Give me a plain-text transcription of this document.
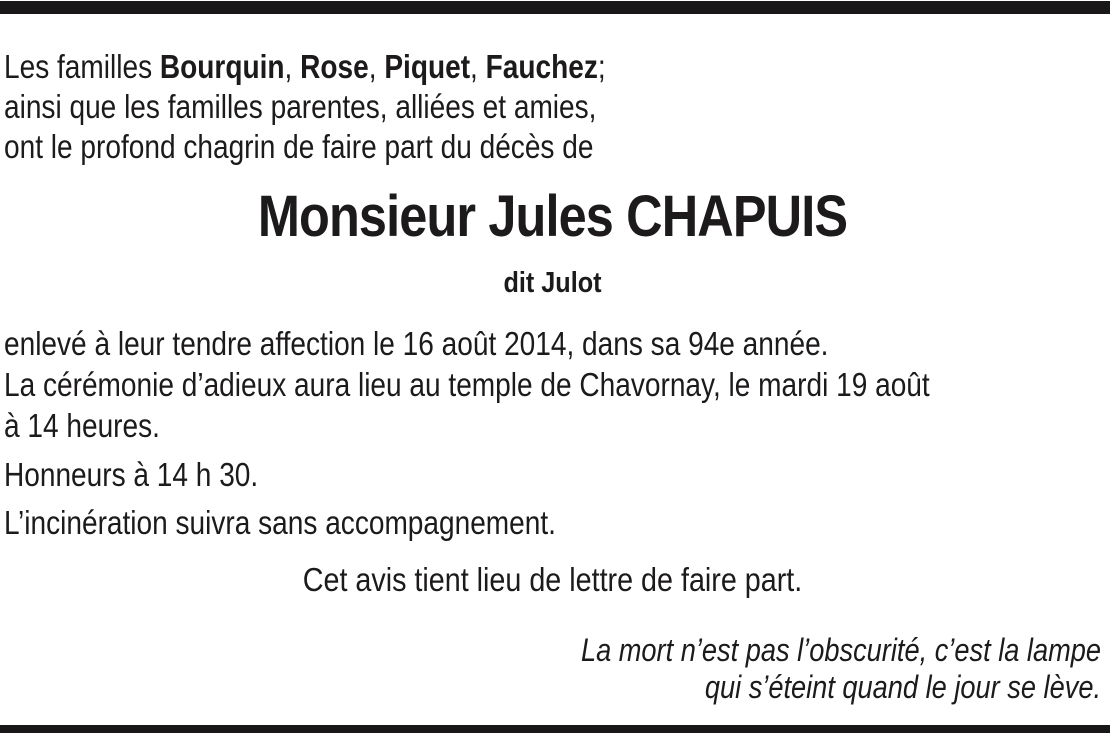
Les familles Bourquin, Rose, Piquet, Fauchez;
ainsi que les familles parentes, alliées et amies,
ont le profond chagrin de faire part du décès de
Monsieur Jules CHAPUIS
dit Julot
enlevé à leur tendre affection le 16 août 2014, dans sa 94e année.
La cérémonie d’adieux aura lieu au temple de Chavornay, le mardi 19 août
à 14 heures.
Honneurs à 14 h 30.
L’incinération suivra sans accompagnement.
Cet avis tient lieu de lettre de faire part.
La mort n’est pas l’obscurité, c’est la lampe
qui s’éteint quand le jour se lève.
